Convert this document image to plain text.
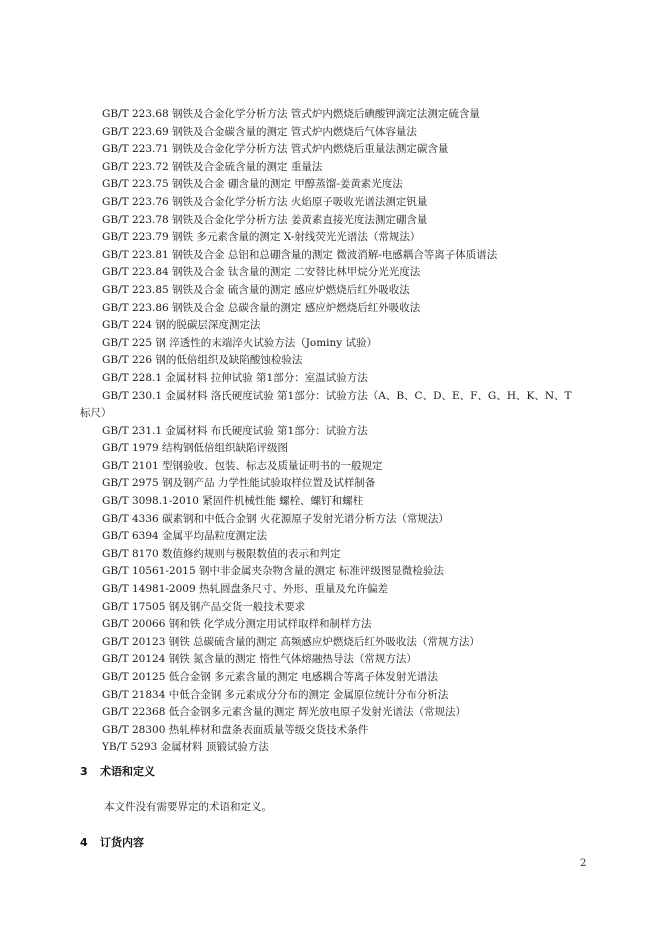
GB/T 223.68 钢铁及合金化学分析方法 管式炉内燃烧后碘酸钾滴定法测定硫含量
GB/T 223.69 钢铁及合金碳含量的测定 管式炉内燃烧后气体容量法
GB/T 223.71 钢铁及合金化学分析方法 管式炉内燃烧后重量法测定碳含量
GB/T 223.72 钢铁及合金硫含量的测定 重量法
GB/T 223.75 钢铁及合金 硼含量的测定 甲醇蒸馏-姜黄素光度法
GB/T 223.76 钢铁及合金化学分析方法 火焰原子吸收光谱法测定钒量
GB/T 223.78 钢铁及合金化学分析方法 姜黄素直接光度法测定硼含量
GB/T 223.79 钢铁 多元素含量的测定 X-射线荧光光谱法（常规法）
GB/T 223.81 钢铁及合金 总铝和总硼含量的测定 微波消解-电感耦合等离子体质谱法
GB/T 223.84 钢铁及合金 钛含量的测定 二安替比林甲烷分光光度法
GB/T 223.85 钢铁及合金 硫含量的测定 感应炉燃烧后红外吸收法
GB/T 223.86 钢铁及合金 总碳含量的测定 感应炉燃烧后红外吸收法
GB/T 224 钢的脱碳层深度测定法
GB/T 225 钢 淬透性的末端淬火试验方法（Jominy 试验）
GB/T 226 钢的低倍组织及缺陷酸蚀检验法
GB/T 228.1 金属材料 拉伸试验 第1部分：室温试验方法
GB/T 230.1 金属材料 洛氏硬度试验 第1部分：试验方法（A、B、C、D、E、F、G、H、K、N、T
标尺）
GB/T 231.1 金属材料 布氏硬度试验 第1部分：试验方法
GB/T 1979 结构钢低倍组织缺陷评级图
GB/T 2101 型钢验收、包装、标志及质量证明书的一般规定
GB/T 2975 钢及钢产品 力学性能试验取样位置及试样制备
GB/T 3098.1-2010 紧固件机械性能 螺栓、螺钉和螺柱
GB/T 4336 碳素钢和中低合金钢 火花源原子发射光谱分析方法（常规法）
GB/T 6394 金属平均晶粒度测定法
GB/T 8170 数值修约规则与极限数值的表示和判定
GB/T 10561-2015 钢中非金属夹杂物含量的测定 标准评级图显微检验法
GB/T 14981-2009 热轧圆盘条尺寸、外形、重量及允许偏差
GB/T 17505 钢及钢产品交货一般技术要求
GB/T 20066 钢和铁 化学成分测定用试样取样和制样方法
GB/T 20123 钢铁 总碳硫含量的测定 高频感应炉燃烧后红外吸收法（常规方法）
GB/T 20124 钢铁 氮含量的测定 惰性气体熔融热导法（常规方法）
GB/T 20125 低合金钢 多元素含量的测定 电感耦合等离子体发射光谱法
GB/T 21834 中低合金钢 多元素成分分布的测定 金属原位统计分布分析法
GB/T 22368 低合金钢多元素含量的测定 辉光放电原子发射光谱法（常规法）
GB/T 28300 热轧棒材和盘条表面质量等级交货技术条件
YB/T 5293 金属材料 顶锻试验方法
3 术语和定义
本文件没有需要界定的术语和定义。
4 订货内容
2
